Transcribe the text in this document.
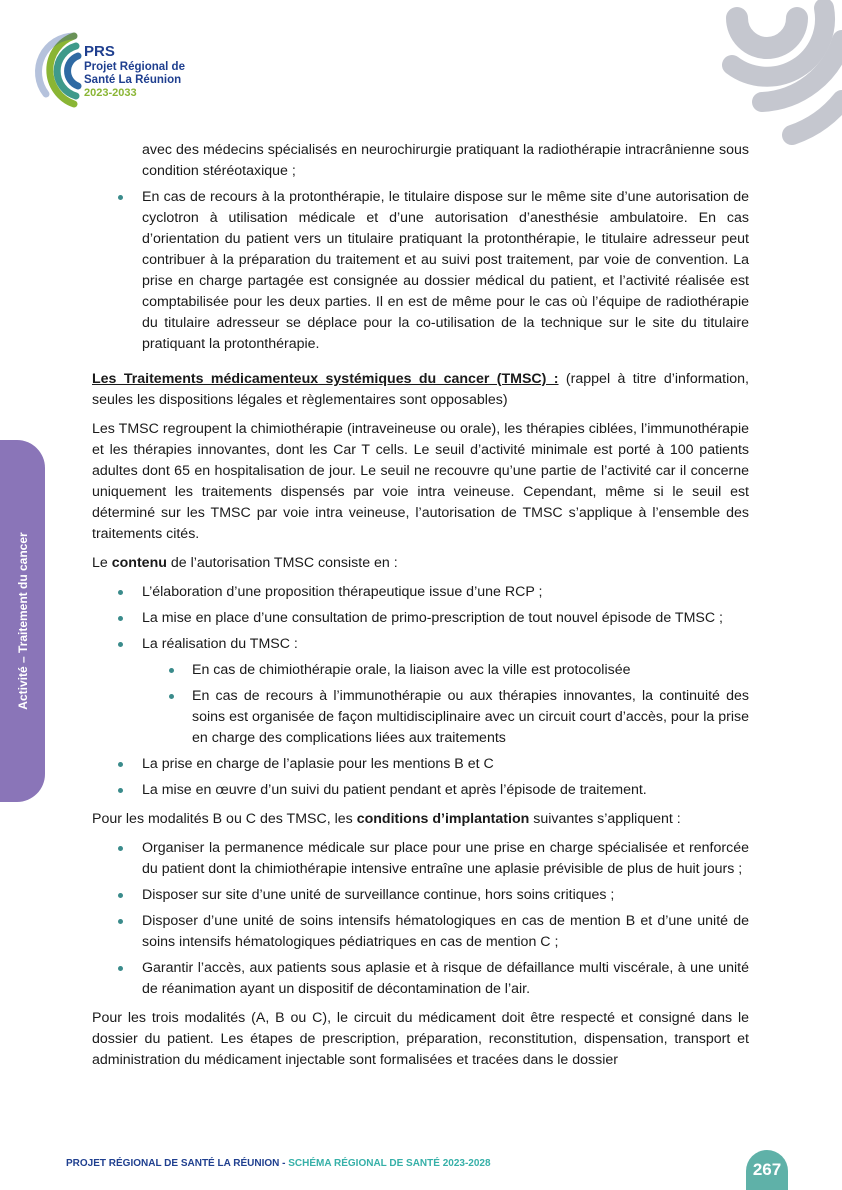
PRS
Projet Régional de
Santé La Réunion
2023-2033
Activité – Traitement du cancer
avec des médecins spécialisés en neurochirurgie pratiquant la radiothérapie intracrânienne sous condition stéréotaxique ;
En cas de recours à la protonthérapie, le titulaire dispose sur le même site d’une autorisation de cyclotron à utilisation médicale et d’une autorisation d’anesthésie ambulatoire. En cas d’orientation du patient vers un titulaire pratiquant la protonthérapie, le titulaire adresseur peut contribuer à la préparation du traitement et au suivi post traitement, par voie de convention. La prise en charge partagée est consignée au dossier médical du patient, et l’activité réalisée est comptabilisée pour les deux parties. Il en est de même pour le cas où l’équipe de radiothérapie du titulaire adresseur se déplace pour la co-utilisation de la technique sur le site du titulaire pratiquant la protonthérapie.

Les Traitements médicamenteux systémiques du cancer (TMSC) : (rappel à titre d’information, seules les dispositions légales et règlementaires sont opposables)

Les TMSC regroupent la chimiothérapie (intraveineuse ou orale), les thérapies ciblées, l’immunothérapie et les thérapies innovantes, dont les Car T cells. Le seuil d’activité minimale est porté à 100 patients adultes dont 65 en hospitalisation de jour. Le seuil ne recouvre qu’une partie de l’activité car il concerne uniquement les traitements dispensés par voie intra veineuse. Cependant, même si le seuil est déterminé sur les TMSC par voie intra veineuse, l’autorisation de TMSC s’applique à l’ensemble des traitements cités.

Le contenu de l’autorisation TMSC consiste en :

L’élaboration d’une proposition thérapeutique issue d’une RCP ;
La mise en place d’une consultation de primo-prescription de tout nouvel épisode de TMSC ;
La réalisation du TMSC :
En cas de chimiothérapie orale, la liaison avec la ville est protocolisée
En cas de recours à l’immunothérapie ou aux thérapies innovantes, la continuité des soins est organisée de façon multidisciplinaire avec un circuit court d’accès, pour la prise en charge des complications liées aux traitements
La prise en charge de l’aplasie pour les mentions B et C
La mise en œuvre d’un suivi du patient pendant et après l’épisode de traitement.

Pour les modalités B ou C des TMSC, les conditions d’implantation suivantes s’appliquent :

Organiser la permanence médicale sur place pour une prise en charge spécialisée et renforcée du patient dont la chimiothérapie intensive entraîne une aplasie prévisible de plus de huit jours ;
Disposer sur site d’une unité de surveillance continue, hors soins critiques ;
Disposer d’une unité de soins intensifs hématologiques en cas de mention B et d’une unité de soins intensifs hématologiques pédiatriques en cas de mention C ;
Garantir l’accès, aux patients sous aplasie et à risque de défaillance multi viscérale, à une unité de réanimation ayant un dispositif de décontamination de l’air.

Pour les trois modalités (A, B ou C), le circuit du médicament doit être respecté et consigné dans le dossier du patient. Les étapes de prescription, préparation, reconstitution, dispensation, transport et administration du médicament injectable sont formalisées et tracées dans le dossier

PROJET RÉGIONAL DE SANTÉ LA RÉUNION - SCHÉMA RÉGIONAL DE SANTÉ 2023-2028	267
